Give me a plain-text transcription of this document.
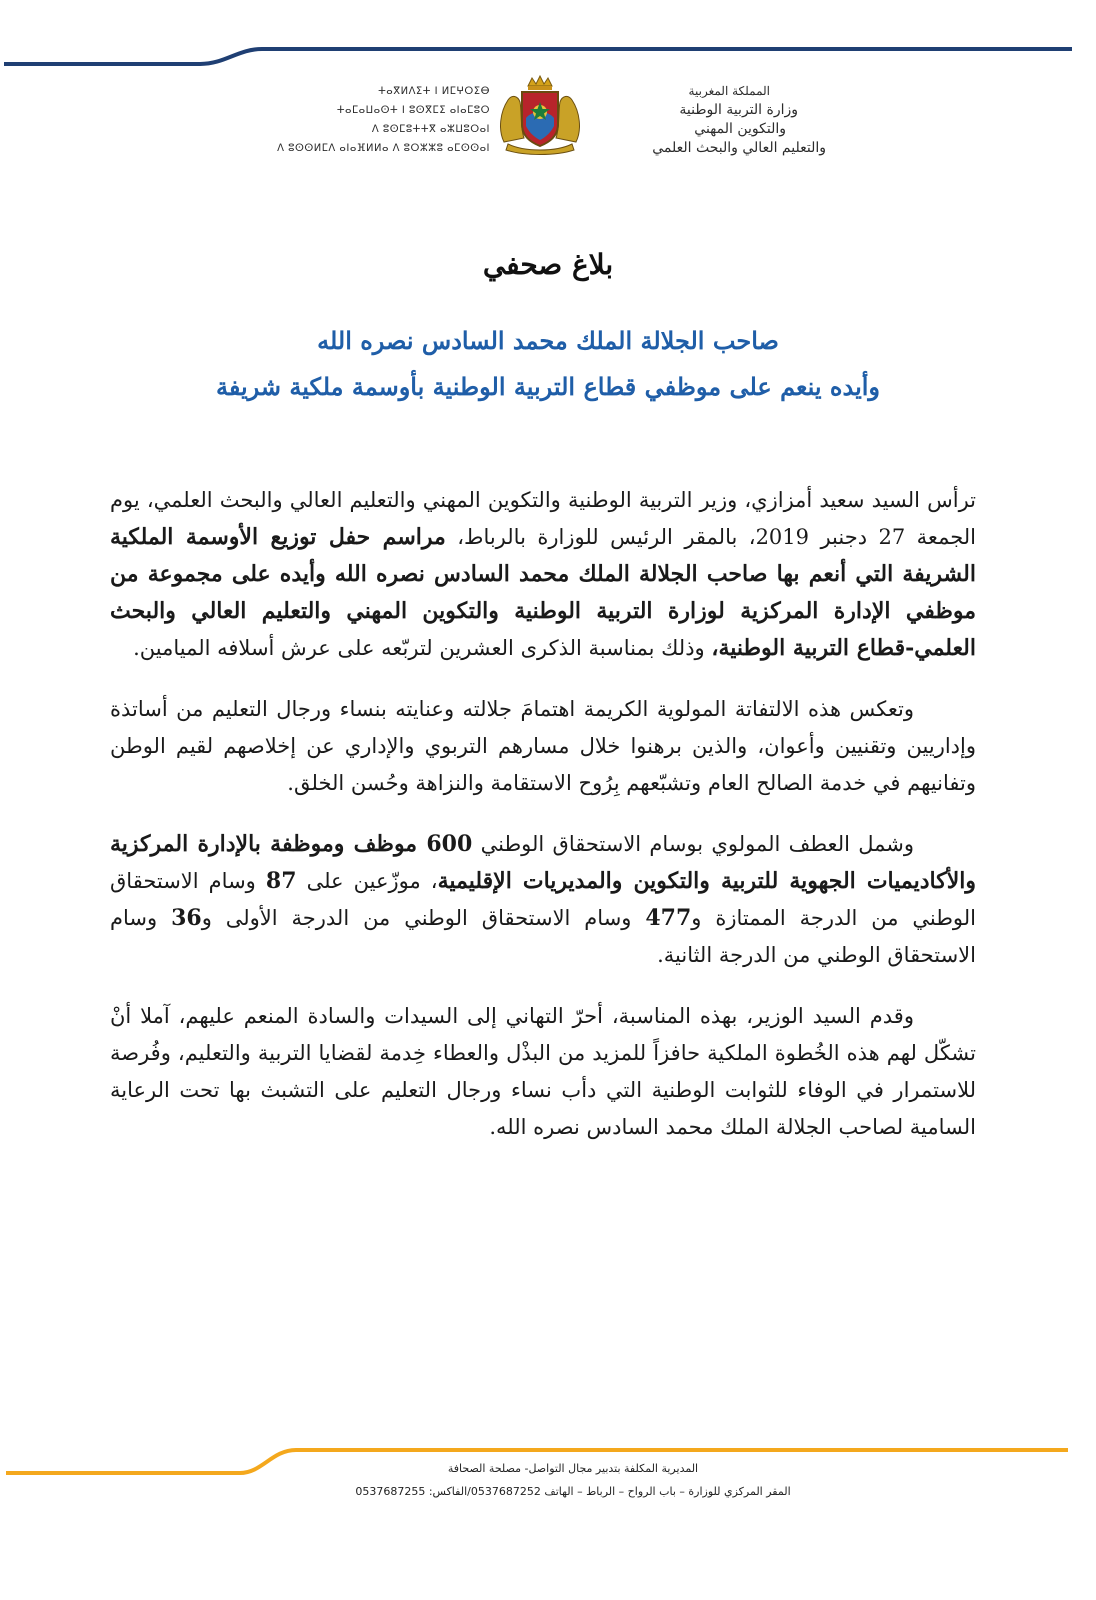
ⵜⴰⴳⵍⴷⵉⵜ ⵏ ⵍⵎⵖⵔⵉⴱ
ⵜⴰⵎⴰⵡⴰⵙⵜ ⵏ ⵓⵙⴳⵎⵉ ⴰⵏⴰⵎⵓⵔ
ⴷ ⵓⵙⵎⵓⵜⵜⴳ ⴰⵣⵡⵓⵔⴰⵏ
ⴷ ⵓⵙⵙⵍⵎⴷ ⴰⵏⴰⴼⵍⵍⴰ ⴷ ⵓⵔⵣⵣⵓ ⴰⵎⵙⵙⴰⵏ
المملكة المغربية
وزارة التربية الوطنية
والتكوين المهني
والتعليم العالي والبحث العلمي
بلاغ صحفي
صاحب الجلالة الملك محمد السادس نصره الله
وأيده ينعم على موظفي قطاع التربية الوطنية بأوسمة ملكية شريفة

ترأس السيد سعيد أمزازي، وزير التربية الوطنية والتكوين المهني والتعليم العالي والبحث العلمي، يوم الجمعة 27 دجنبر 2019، بالمقر الرئيس للوزارة بالرباط، مراسم حفل توزيع الأوسمة الملكية الشريفة التي أنعم بها صاحب الجلالة الملك محمد السادس نصره الله وأيده على مجموعة من موظفي الإدارة المركزية لوزارة التربية الوطنية والتكوين المهني والتعليم العالي والبحث العلمي-قطاع التربية الوطنية، وذلك بمناسبة الذكرى العشرين لتربّعه على عرش أسلافه الميامين.

وتعكس هذه الالتفاتة المولوية الكريمة اهتمامَ جلالته وعنايته بنساء ورجال التعليم من أساتذة وإداريين وتقنيين وأعوان، والذين برهنوا خلال مسارهم التربوي والإداري عن إخلاصهم لقيم الوطن وتفانيهم في خدمة الصالح العام وتشبّعهم بِرُوح الاستقامة والنزاهة وحُسن الخلق.

وشمل العطف المولوي بوسام الاستحقاق الوطني 600 موظف وموظفة بالإدارة المركزية والأكاديميات الجهوية للتربية والتكوين والمديريات الإقليمية، موزّعين على 87 وسام الاستحقاق الوطني من الدرجة الممتازة و477 وسام الاستحقاق الوطني من الدرجة الأولى و36 وسام الاستحقاق الوطني من الدرجة الثانية.

وقدم السيد الوزير، بهذه المناسبة، أحرّ التهاني إلى السيدات والسادة المنعم عليهم، آملا أنْ تشكّل لهم هذه الخُطوة الملكية حافزاً للمزيد من البذْل والعطاء خِدمة لقضايا التربية والتعليم، وفُرصة للاستمرار في الوفاء للثوابت الوطنية التي دأب نساء ورجال التعليم على التشبث بها تحت الرعاية السامية لصاحب الجلالة الملك محمد السادس نصره الله.

المديرية المكلفة بتدبير مجال التواصل- مصلحة الصحافة
المقر المركزي للوزارة – باب الرواح – الرباط – الهاتف 0537687252/الفاكس: 0537687255
